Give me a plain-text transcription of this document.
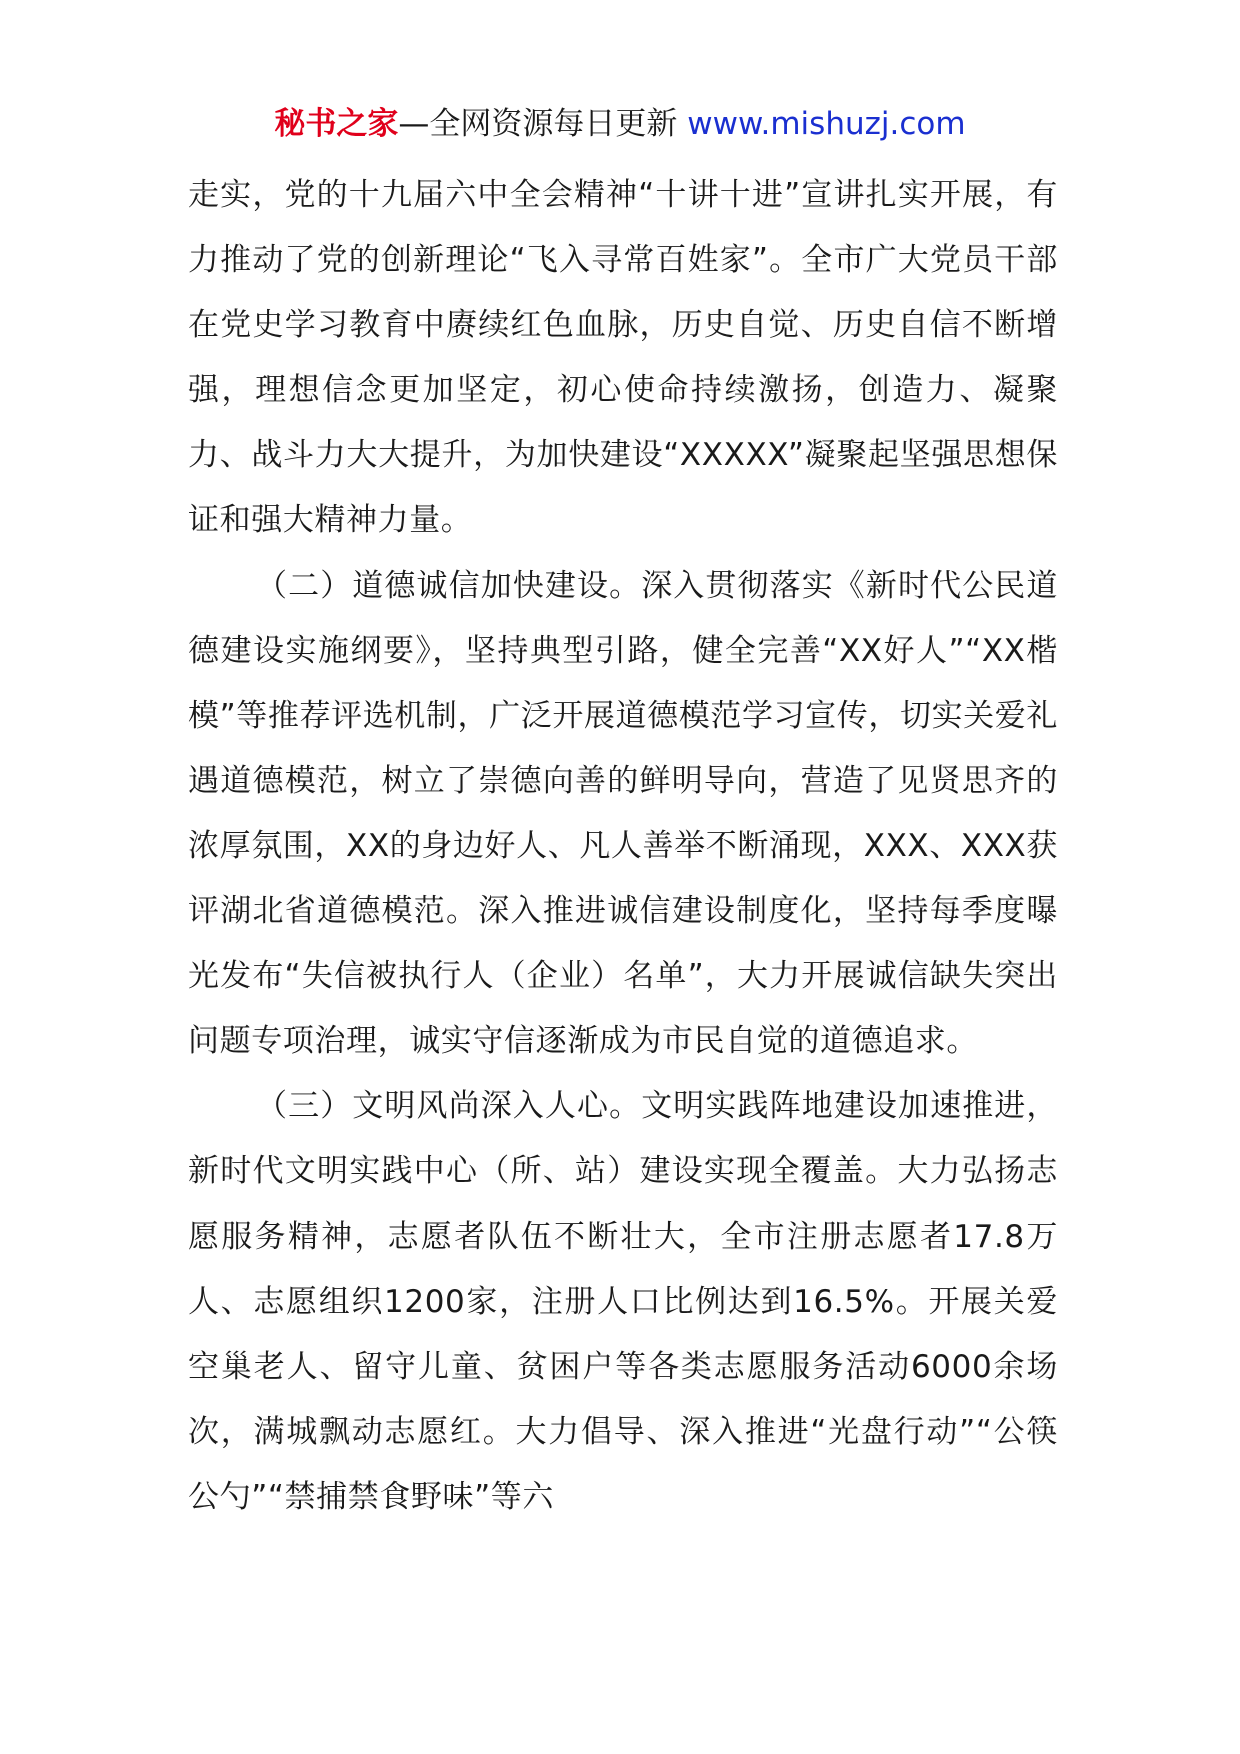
秘书之家—全网资源每日更新 www.mishuzj.com

走实，党的十九届六中全会精神“十讲十进”宣讲扎实开展，有力推动了党的创新理论“飞入寻常百姓家”。全市广大党员干部在党史学习教育中赓续红色血脉，历史自觉、历史自信不断增强，理想信念更加坚定，初心使命持续激扬，创造力、凝聚力、战斗力大大提升，为加快建设“XXXXX”凝聚起坚强思想保证和强大精神力量。

（二）道德诚信加快建设。深入贯彻落实《新时代公民道德建设实施纲要》，坚持典型引路，健全完善“XX好人”“XX楷模”等推荐评选机制，广泛开展道德模范学习宣传，切实关爱礼遇道德模范，树立了崇德向善的鲜明导向，营造了见贤思齐的浓厚氛围，XX的身边好人、凡人善举不断涌现，XXX、XXX获评湖北省道德模范。深入推进诚信建设制度化，坚持每季度曝光发布“失信被执行人（企业）名单”，大力开展诚信缺失突出问题专项治理，诚实守信逐渐成为市民自觉的道德追求。

（三）文明风尚深入人心。文明实践阵地建设加速推进，新时代文明实践中心（所、站）建设实现全覆盖。大力弘扬志愿服务精神，志愿者队伍不断壮大，全市注册志愿者17.8万人、志愿组织1200家，注册人口比例达到16.5%。开展关爱空巢老人、留守儿童、贫困户等各类志愿服务活动6000余场次，满城飘动志愿红。大力倡导、深入推进“光盘行动”“公筷公勺”“禁捕禁食野味”等六
